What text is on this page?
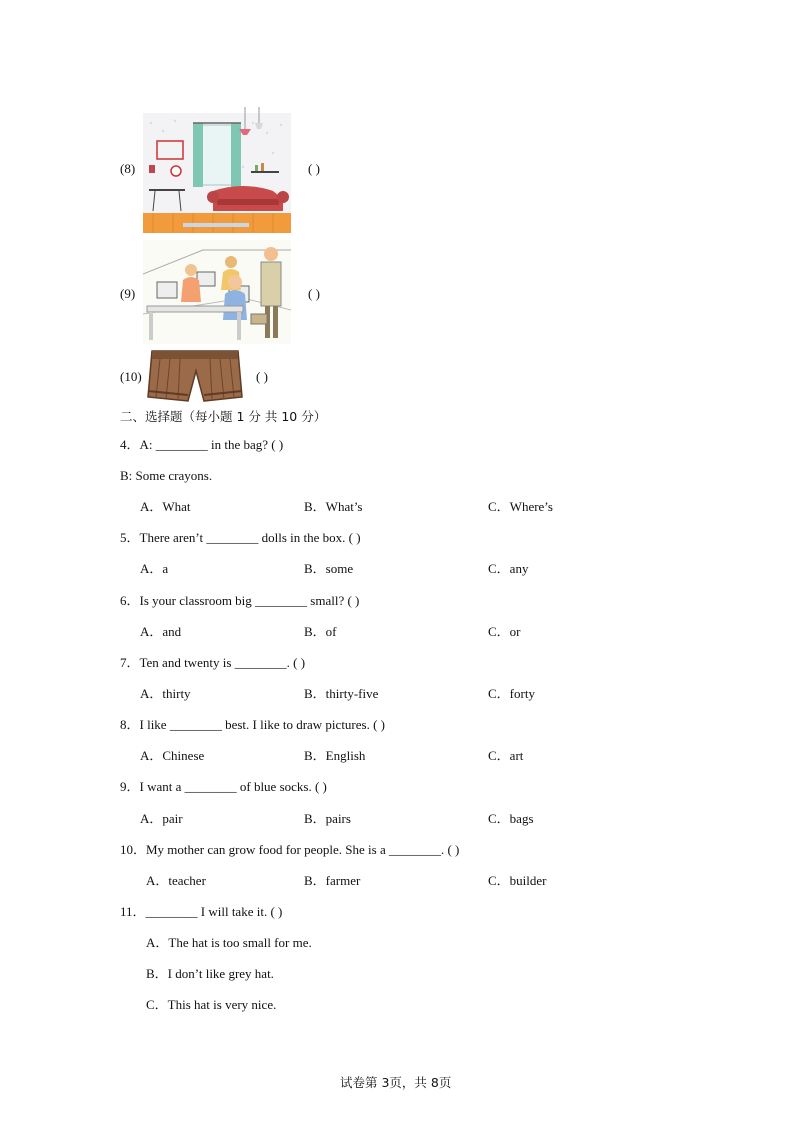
(8)	( )
(9)	( )
(10)	( )
二、选择题（每小题 1 分 共 10 分）
4．A: ________ in the bag? ( )
B: Some crayons.
A．What	B．What’s	C．Where’s
5．There aren’t ________ dolls in the box. ( )
A．a	B．some	C．any
6．Is your classroom big ________ small? ( )
A．and	B．of	C．or
7．Ten and twenty is ________. ( )
A．thirty	B．thirty-five	C．forty
8．I like ________ best. I like to draw pictures. ( )
A．Chinese	B．English	C．art
9．I want a ________ of blue socks. ( )
A．pair	B．pairs	C．bags
10．My mother can grow food for people. She is a ________. ( )
A．teacher	B．farmer	C．builder
11．________ I will take it. ( )
A．The hat is too small for me.
B．I don’t like grey hat.
C．This hat is very nice.
试卷第 3页，共 8页
